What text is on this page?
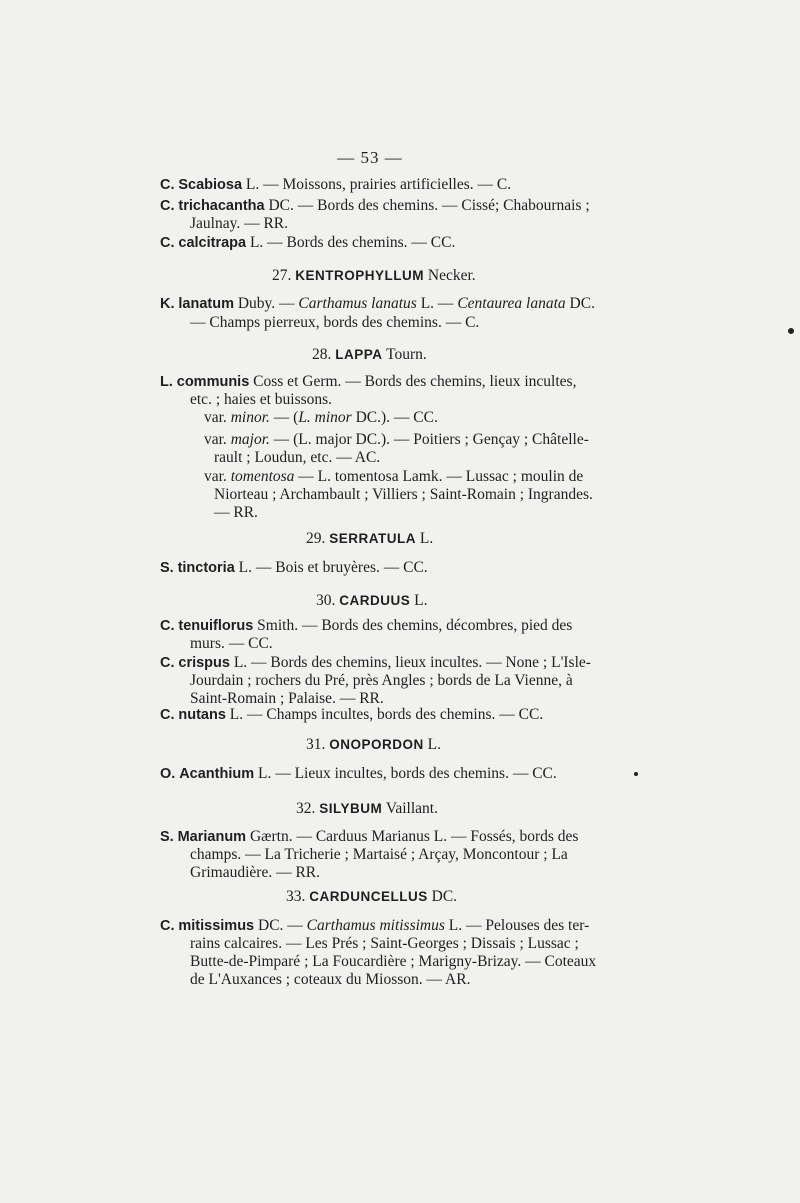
— 53 —
C. Scabiosa L. — Moissons, prairies artificielles. — C.
C. trichacantha DC. — Bords des chemins. — Cissé; Chabournais ;
Jaulnay. — RR.
C. calcitrapa L. — Bords des chemins. — CC.
27. KENTROPHYLLUM Necker.
K. lanatum Duby. — Carthamus lanatus L. — Centaurea lanata DC.
— Champs pierreux, bords des chemins. — C.
28. LAPPA Tourn.
L. communis Coss et Germ. — Bords des chemins, lieux incultes,
etc. ; haies et buissons.
var. minor. — (L. minor DC.). — CC.
var. major. — (L. major DC.). — Poitiers ; Gençay ; Châtelle-
rault ; Loudun, etc. — AC.
var. tomentosa — L. tomentosa Lamk. — Lussac ; moulin de
Niorteau ; Archambault ; Villiers ; Saint-Romain ; Ingrandes.
— RR.
29. SERRATULA L.
S. tinctoria L. — Bois et bruyères. — CC.
30. CARDUUS L.
C. tenuiflorus Smith. — Bords des chemins, décombres, pied des
murs. — CC.
C. crispus L. — Bords des chemins, lieux incultes. — None ; L'Isle-
Jourdain ; rochers du Pré, près Angles ; bords de La Vienne, à
Saint-Romain ; Palaise. — RR.
C. nutans L. — Champs incultes, bords des chemins. — CC.
31. ONOPORDON L.
O. Acanthium L. — Lieux incultes, bords des chemins. — CC.
32. SILYBUM Vaillant.
S. Marianum Gærtn. — Carduus Marianus L. — Fossés, bords des
champs. — La Tricherie ; Martaisé ; Arçay, Moncontour ; La
Grimaudière. — RR.
33. CARDUNCELLUS DC.
C. mitissimus DC. — Carthamus mitissimus L. — Pelouses des ter-
rains calcaires. — Les Prés ; Saint-Georges ; Dissais ; Lussac ;
Butte-de-Pimparé ; La Foucardière ; Marigny-Brizay. — Coteaux
de L'Auxances ; coteaux du Miosson. — AR.
